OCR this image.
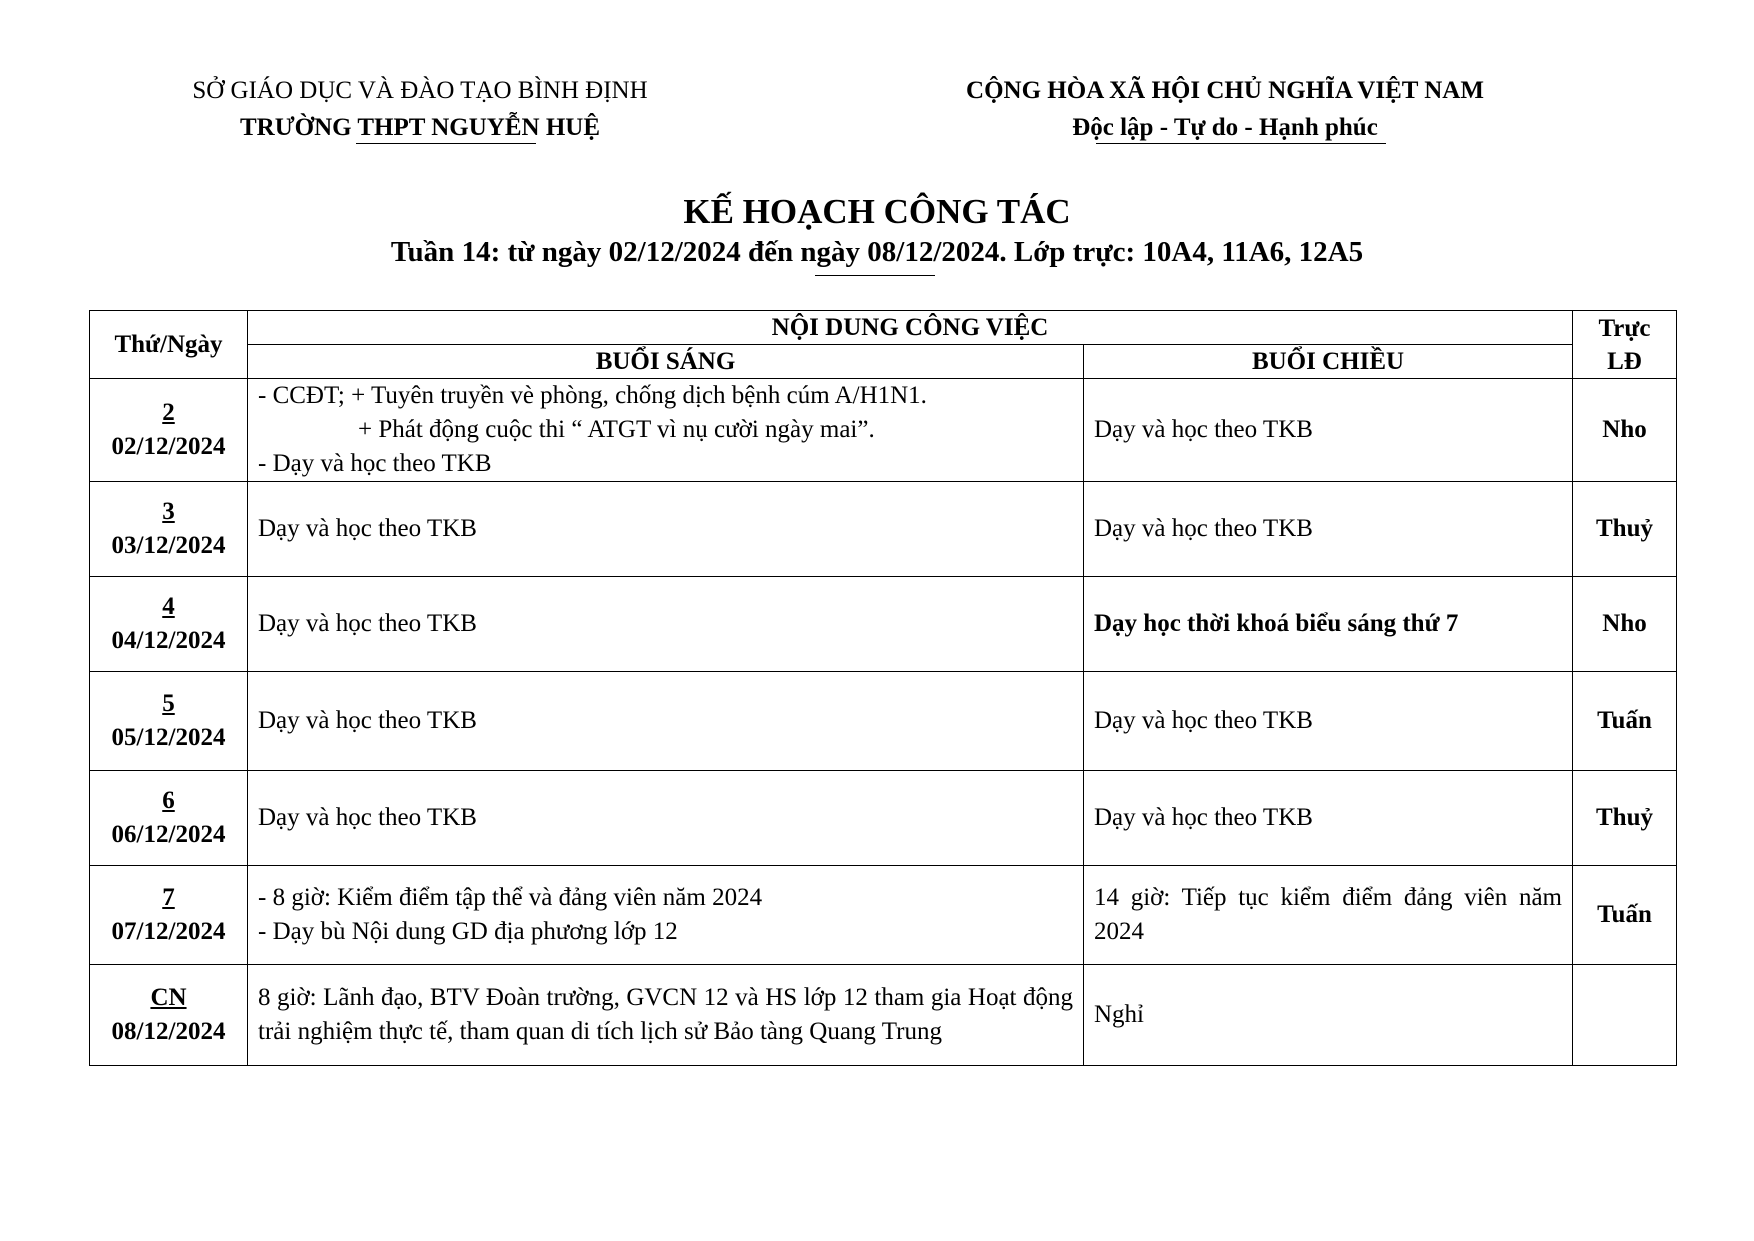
SỞ GIÁO DỤC VÀ ĐÀO TẠO BÌNH ĐỊNH
TRƯỜNG THPT NGUYỄN HUỆ
CỘNG HÒA XÃ HỘI CHỦ NGHĨA VIỆT NAM
Độc lập - Tự do - Hạnh phúc
KẾ HOẠCH CÔNG TÁC
Tuần 14: từ ngày 02/12/2024 đến ngày 08/12/2024. Lớp trực: 10A4, 11A6, 12A5
Thứ/Ngày	NỘI DUNG CÔNG VIỆC		Trực
LĐ

	BUỔI SÁNG	BUỔI CHIỀU	

2
02/12/2024	- CCĐT; + Tuyên truyền vè phòng, chống dịch bệnh cúm A/H1N1.
+ Phát động cuộc thi “ ATGT vì nụ cười ngày mai”.
- Dạy và học theo TKB	Dạy và học theo TKB	Nho

3
03/12/2024	Dạy và học theo TKB	Dạy và học theo TKB	Thuỷ

4
04/12/2024	Dạy và học theo TKB	Dạy học thời khoá biểu sáng thứ 7	Nho

5
05/12/2024	Dạy và học theo TKB	Dạy và học theo TKB	Tuấn

6
06/12/2024	Dạy và học theo TKB	Dạy và học theo TKB	Thuỷ

7
07/12/2024	- 8 giờ: Kiểm điểm tập thể và đảng viên năm 2024
- Dạy bù Nội dung GD địa phương lớp 12	14 giờ: Tiếp tục kiểm điểm đảng viên năm 2024	Tuấn

CN
08/12/2024	8 giờ: Lãnh đạo, BTV Đoàn trường, GVCN 12 và HS lớp 12 tham gia Hoạt động trải nghiệm thực tế, tham quan di tích lịch sử Bảo tàng Quang Trung	Nghỉ	
